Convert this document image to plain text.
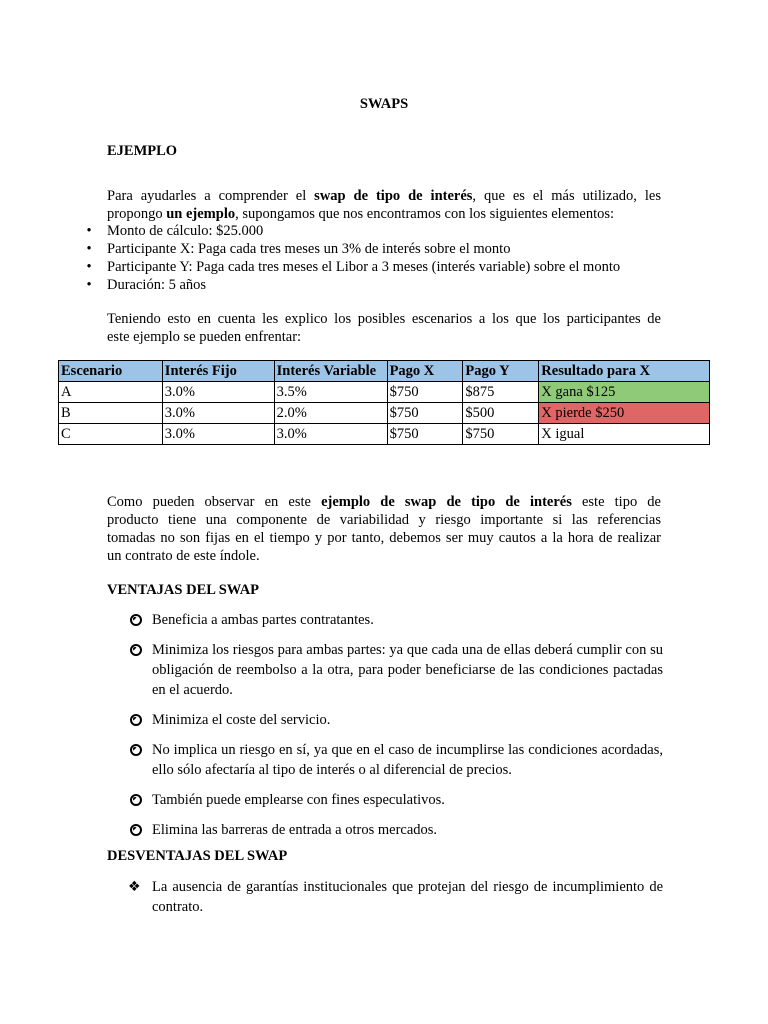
SWAPS
EJEMPLO
Para ayudarles a comprender el swap de tipo de interés, que es el más utilizado, les
propongo un ejemplo, supongamos que nos encontramos con los siguientes elementos:
• Monto de cálculo: $25.000
• Participante X: Paga cada tres meses un 3% de interés sobre el monto
• Participante Y: Paga cada tres meses el Libor a 3 meses (interés variable) sobre el monto
• Duración: 5 años
Teniendo esto en cuenta les explico los posibles escenarios a los que los participantes de
este ejemplo se pueden enfrentar:
Escenario	Interés Fijo	Interés Variable	Pago X	Pago Y	Resultado para X
A	3.0%	3.5%	$750	$875	X gana $125
B	3.0%	2.0%	$750	$500	X pierde $250
C	3.0%	3.0%	$750	$750	X igual
Como pueden observar en este ejemplo de swap de tipo de interés este tipo de
producto tiene una componente de variabilidad y riesgo importante si las referencias
tomadas no son fijas en el tiempo y por tanto, debemos ser muy cautos a la hora de realizar
un contrato de este índole.
VENTAJAS DEL SWAP
Beneficia a ambas partes contratantes.
Minimiza los riesgos para ambas partes: ya que cada una de ellas deberá cumplir con su obligación de reembolso a la otra, para poder beneficiarse de las condiciones pactadas en el acuerdo.
Minimiza el coste del servicio.
No implica un riesgo en sí, ya que en el caso de incumplirse las condiciones acordadas, ello sólo afectaría al tipo de interés o al diferencial de precios.
También puede emplearse con fines especulativos.
Elimina las barreras de entrada a otros mercados.
DESVENTAJAS DEL SWAP
❖ La ausencia de garantías institucionales que protejan del riesgo de incumplimiento de contrato.
